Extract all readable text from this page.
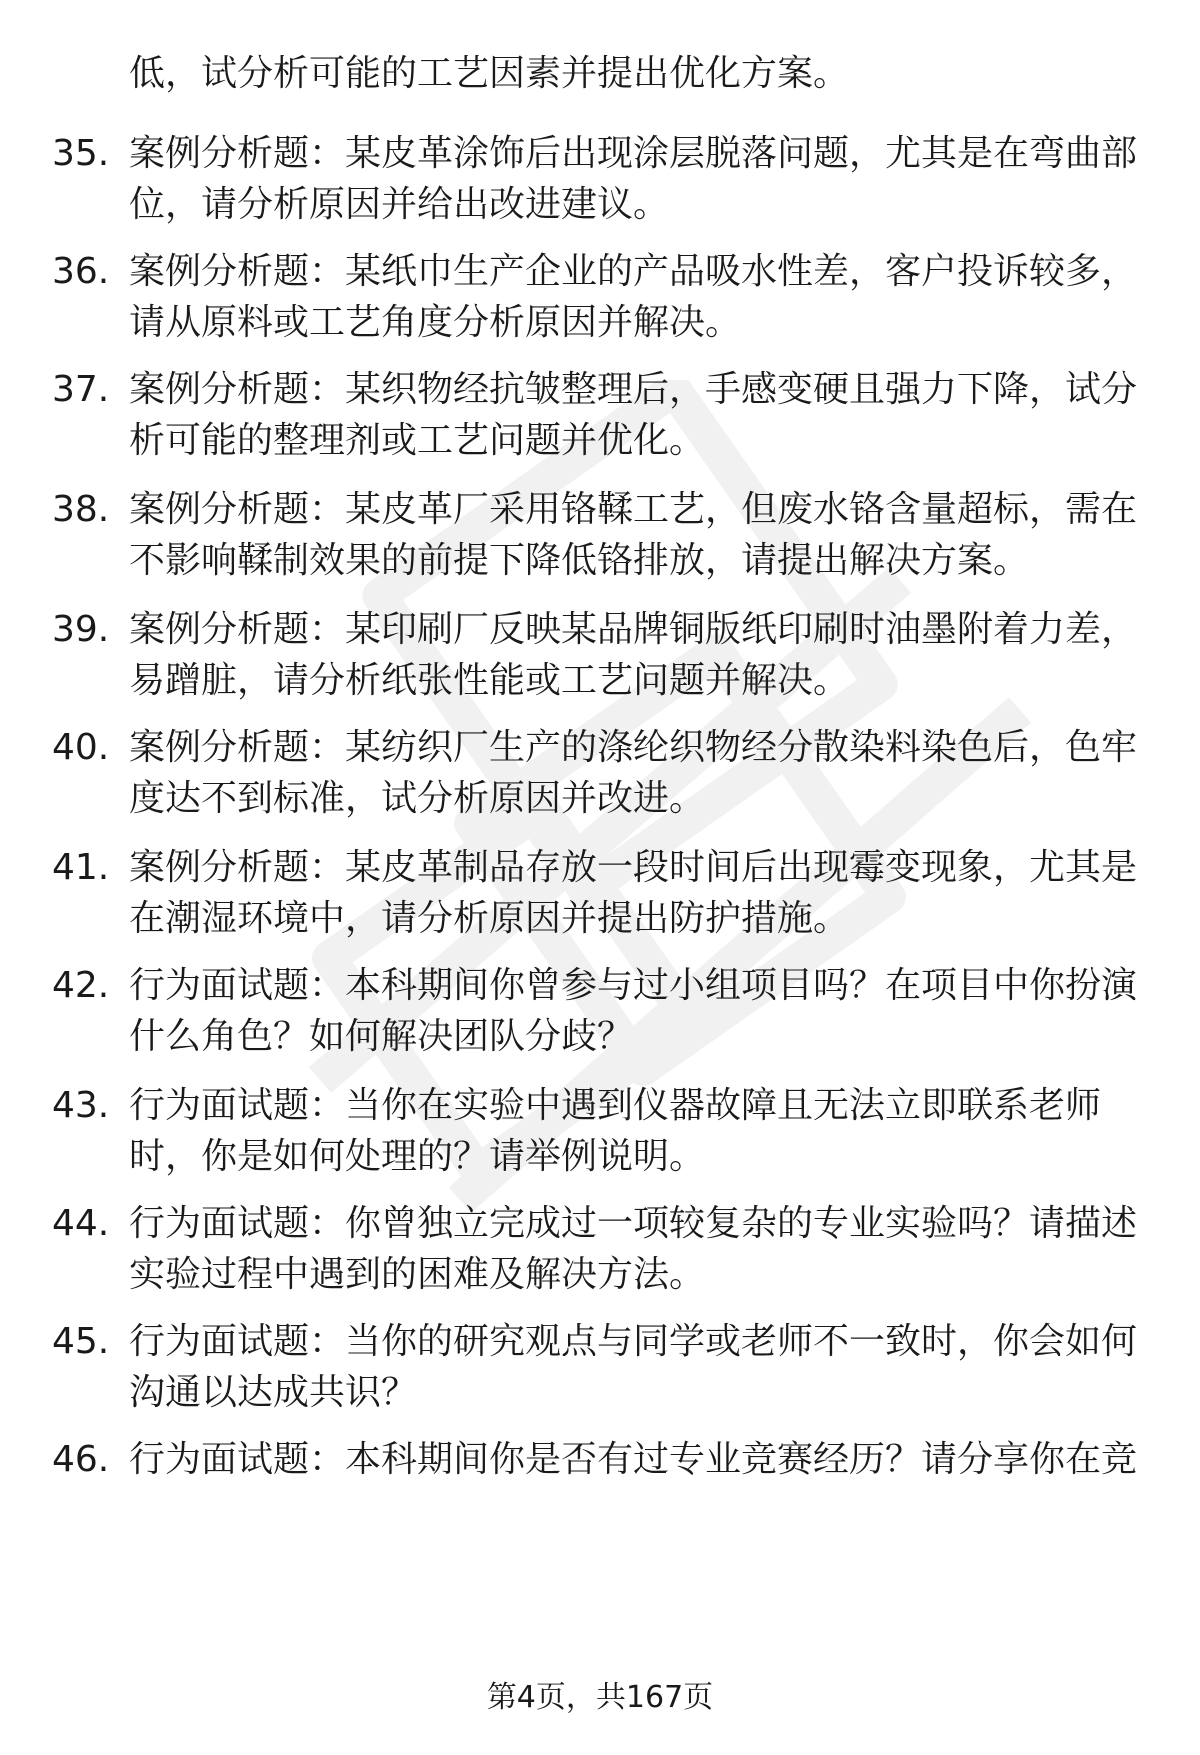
低，试分析可能的工艺因素并提出优化方案。
35. 案例分析题：某皮革涂饰后出现涂层脱落问题，尤其是在弯曲部
位，请分析原因并给出改进建议。
36. 案例分析题：某纸巾生产企业的产品吸水性差，客户投诉较多，
请从原料或工艺角度分析原因并解决。
37. 案例分析题：某织物经抗皱整理后，手感变硬且强力下降，试分
析可能的整理剂或工艺问题并优化。
38. 案例分析题：某皮革厂采用铬鞣工艺，但废水铬含量超标，需在
不影响鞣制效果的前提下降低铬排放，请提出解决方案。
39. 案例分析题：某印刷厂反映某品牌铜版纸印刷时油墨附着力差，
易蹭脏，请分析纸张性能或工艺问题并解决。
40. 案例分析题：某纺织厂生产的涤纶织物经分散染料染色后，色牢
度达不到标准，试分析原因并改进。
41. 案例分析题：某皮革制品存放一段时间后出现霉变现象，尤其是
在潮湿环境中，请分析原因并提出防护措施。
42. 行为面试题：本科期间你曾参与过小组项目吗？在项目中你扮演
什么角色？如何解决团队分歧？
43. 行为面试题：当你在实验中遇到仪器故障且无法立即联系老师
时，你是如何处理的？请举例说明。
44. 行为面试题：你曾独立完成过一项较复杂的专业实验吗？请描述
实验过程中遇到的困难及解决方法。
45. 行为面试题：当你的研究观点与同学或老师不一致时，你会如何
沟通以达成共识？
46. 行为面试题：本科期间你是否有过专业竞赛经历？请分享你在竞
第4页，共167页
